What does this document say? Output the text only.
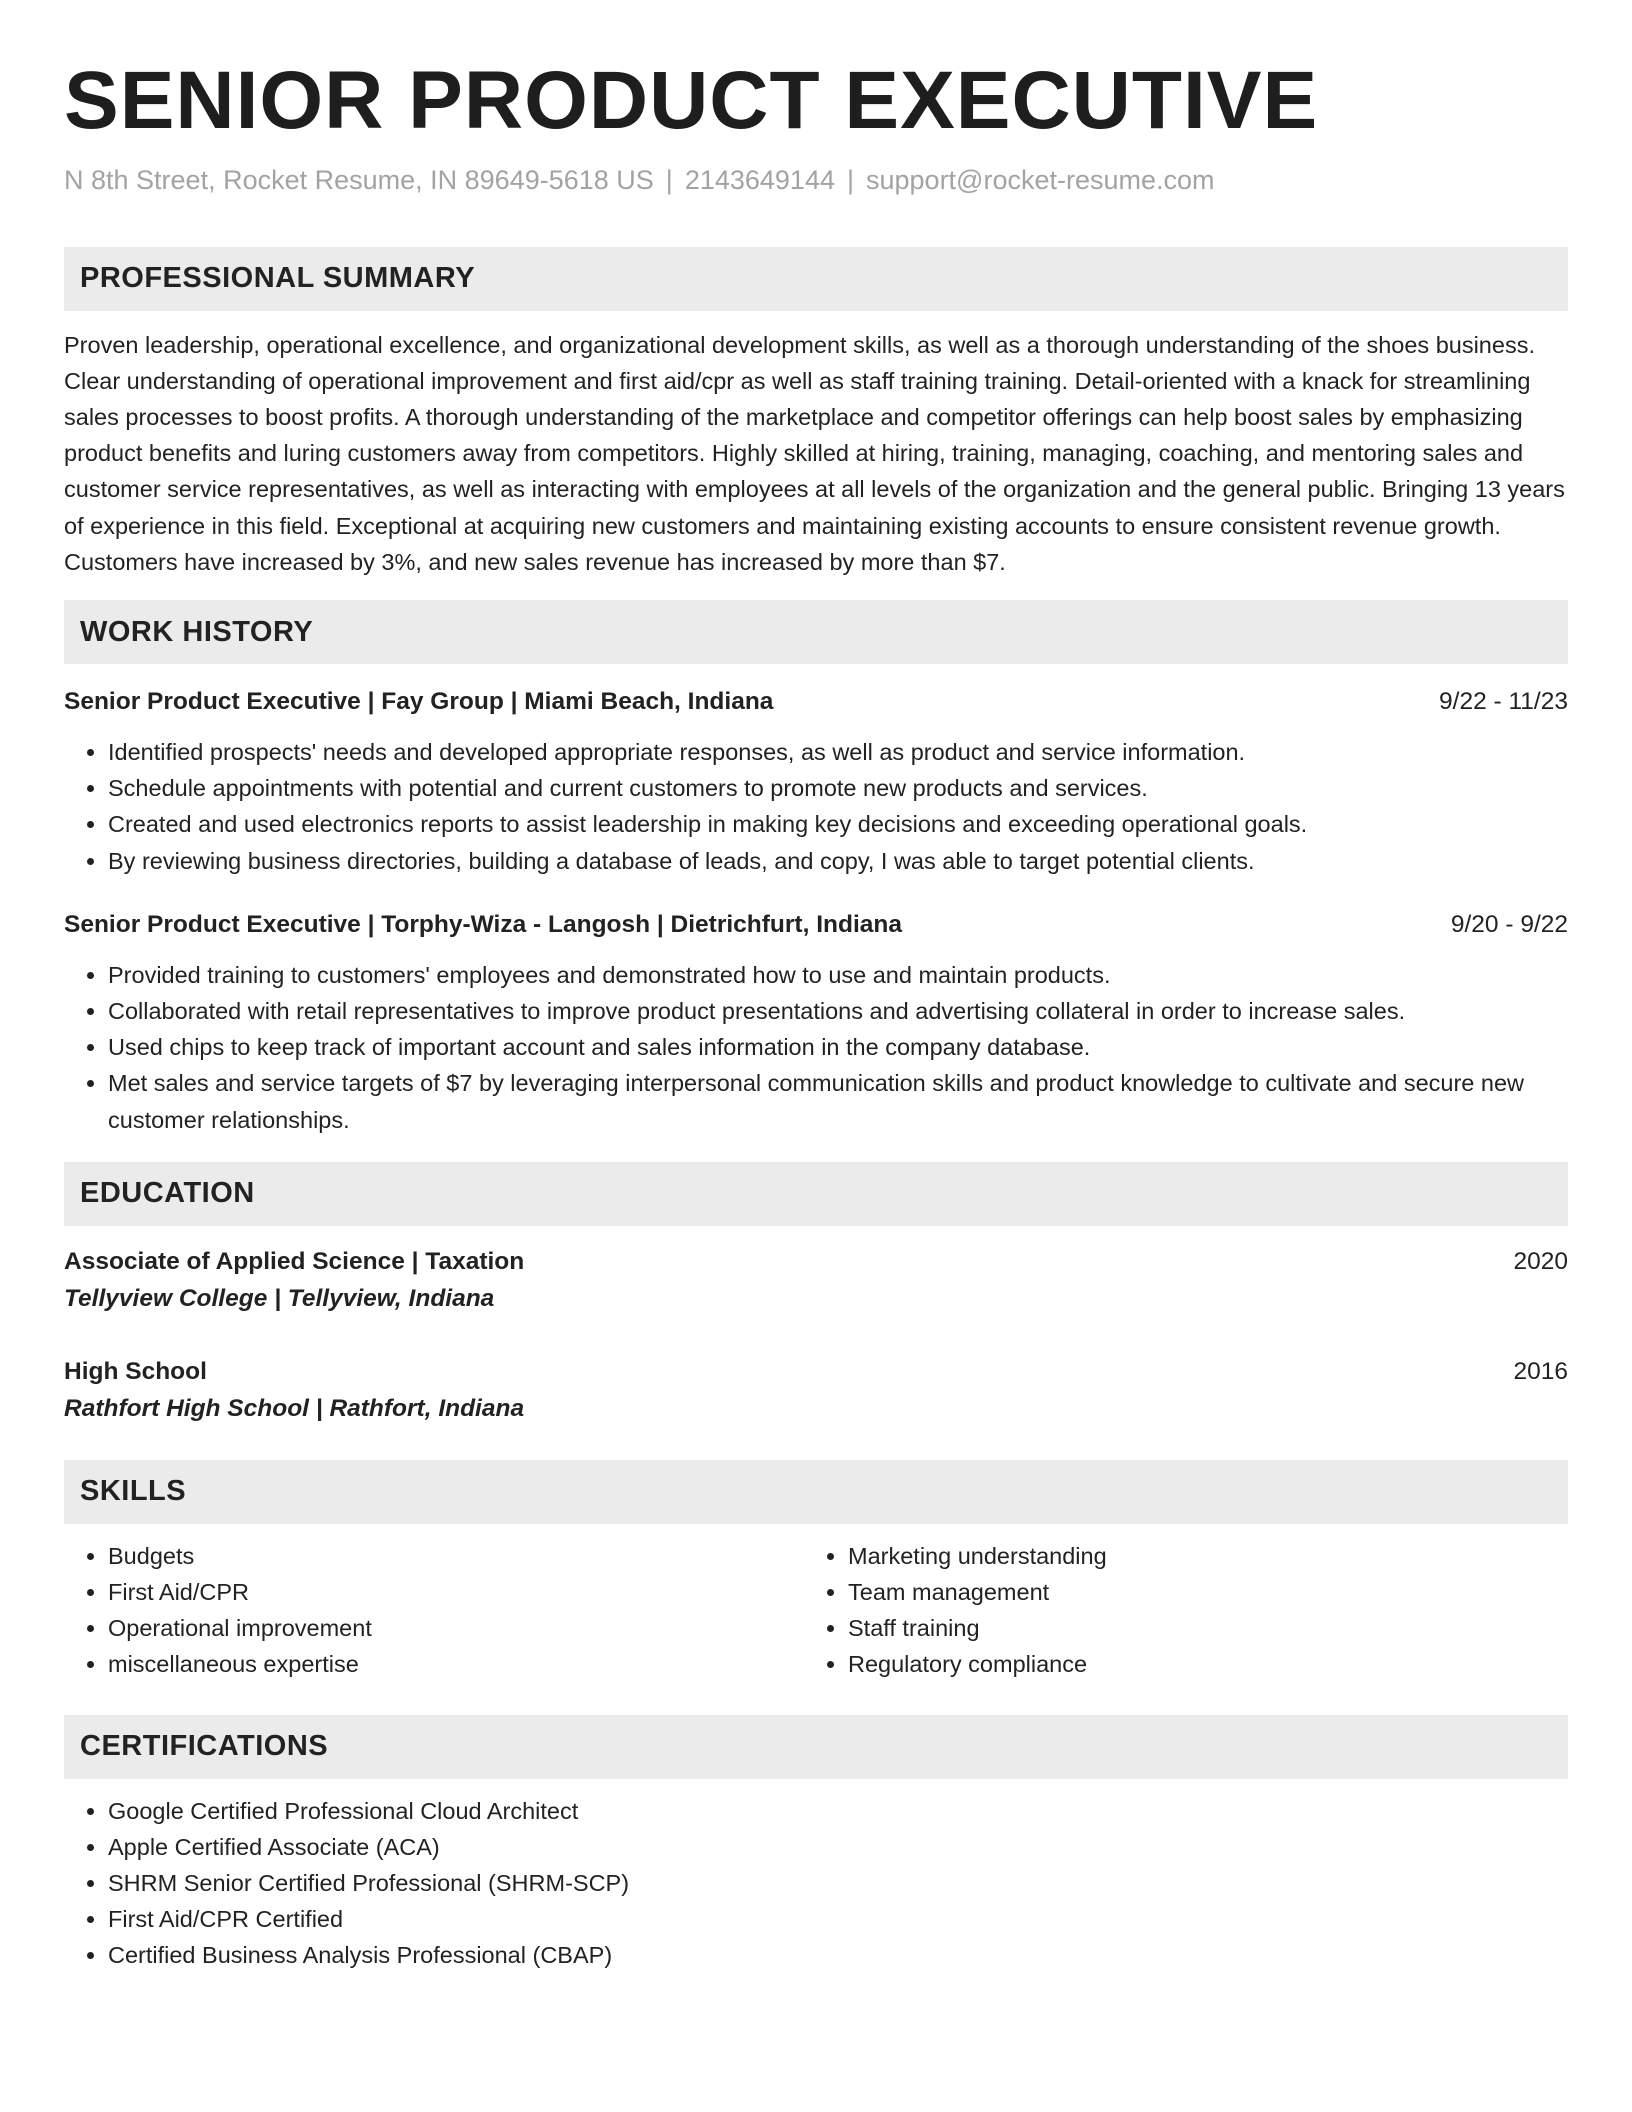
SENIOR PRODUCT EXECUTIVE
N 8th Street, Rocket Resume, IN 89649-5618 US | 2143649144 | support@rocket-resume.com
PROFESSIONAL SUMMARY

Proven leadership, operational excellence, and organizational development skills, as well as a thorough understanding of the shoes business. Clear understanding of operational improvement and first aid/cpr as well as staff training training. Detail-oriented with a knack for streamlining sales processes to boost profits. A thorough understanding of the marketplace and competitor offerings can help boost sales by emphasizing product benefits and luring customers away from competitors. Highly skilled at hiring, training, managing, coaching, and mentoring sales and customer service representatives, as well as interacting with employees at all levels of the organization and the general public. Bringing 13 years of experience in this field. Exceptional at acquiring new customers and maintaining existing accounts to ensure consistent revenue growth. Customers have increased by 3%, and new sales revenue has increased by more than $7.

WORK HISTORY
Senior Product Executive | Fay Group | Miami Beach, Indiana	9/22 - 11/23
• Identified prospects' needs and developed appropriate responses, as well as product and service information.
• Schedule appointments with potential and current customers to promote new products and services.
• Created and used electronics reports to assist leadership in making key decisions and exceeding operational goals.
• By reviewing business directories, building a database of leads, and copy, I was able to target potential clients.
Senior Product Executive | Torphy-Wiza - Langosh | Dietrichfurt, Indiana	9/20 - 9/22
• Provided training to customers' employees and demonstrated how to use and maintain products.
• Collaborated with retail representatives to improve product presentations and advertising collateral in order to increase sales.
• Used chips to keep track of important account and sales information in the company database.
• Met sales and service targets of $7 by leveraging interpersonal communication skills and product knowledge to cultivate and secure new customer relationships.
EDUCATION
Associate of Applied Science | Taxation	2020
Tellyview College | Tellyview, Indiana
High School	2016
Rathfort High School | Rathfort, Indiana
SKILLS
• Budgets
• First Aid/CPR
• Operational improvement
• miscellaneous expertise
• Marketing understanding
• Team management
• Staff training
• Regulatory compliance
CERTIFICATIONS
• Google Certified Professional Cloud Architect
• Apple Certified Associate (ACA)
• SHRM Senior Certified Professional (SHRM-SCP)
• First Aid/CPR Certified
• Certified Business Analysis Professional (CBAP)
